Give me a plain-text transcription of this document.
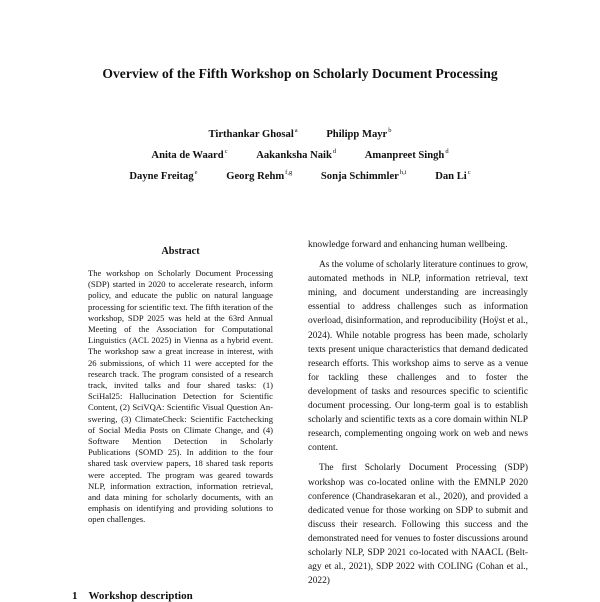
Overview of the Fifth Workshop on Scholarly Document Processing
Tirthankar Ghosal$^a$	Philipp Mayr$^b$
Anita de Waard$^c$	Aakanksha Naik$^d$	Amanpreet Singh$^d$
Dayne Freitag$^e$	Georg Rehm$^{f,g}$	Sonja Schimmler$^{h,i}$	Dan Li$^c$
Abstract

The workshop on Scholarly Document Processing (SDP) started in 2020 to accelerate research, inform policy, and educate the public on natural language processing for scientific text. The fifth iteration of the workshop, SDP 2025 was held at the 63rd Annual Meeting of the Association for Computational Linguistics (ACL 2025) in Vienna as a hybrid event. The workshop saw a great increase in interest, with 26 submissions, of which 11 were accepted for the research track. The program consisted of a research track, invited talks and four shared tasks: (1) SciHal25: Hallucination Detection for Scientific Content, (2) SciVQA: Scientific Visual Question Answering, (3) ClimateCheck: Scientific Factchecking of Social Media Posts on Climate Change, and (4) Software Mention Detection in Scholarly Publications (SOMD 25). In addition to the four shared task overview papers, 18 shared task reports were accepted. The program was geared towards NLP, information extraction, information retrieval, and data mining for scholarly documents, with an emphasis on identifying and providing solutions to open challenges.

knowledge forward and enhancing human wellbeing.

As the volume of scholarly literature continues to grow, automated methods in NLP, information retrieval, text mining, and document understanding are increasingly essential to address challenges such as information overload, disinformation, and reproducibility (Hoÿst et al., 2024). While notable progress has been made, scholarly texts present unique characteristics that demand dedicated research efforts. This workshop aims to serve as a venue for tackling these challenges and to foster the development of tasks and resources specific to scientific document processing. Our long-term goal is to establish scholarly and scientific texts as a core domain within NLP research, complementing ongoing work on web and news content.

The first Scholarly Document Processing (SDP) workshop was co-located online with the EMNLP 2020 conference (Chandrasekaran et al., 2020), and provided a dedicated venue for those working on SDP to submit and discuss their research. Following this success and the demonstrated need for venues to foster discussions around scholarly NLP, SDP 2021 co-located with NAACL (Beltagy et al., 2021), SDP 2022 with COLING (Cohan et al., 2022)

1 Workshop description
